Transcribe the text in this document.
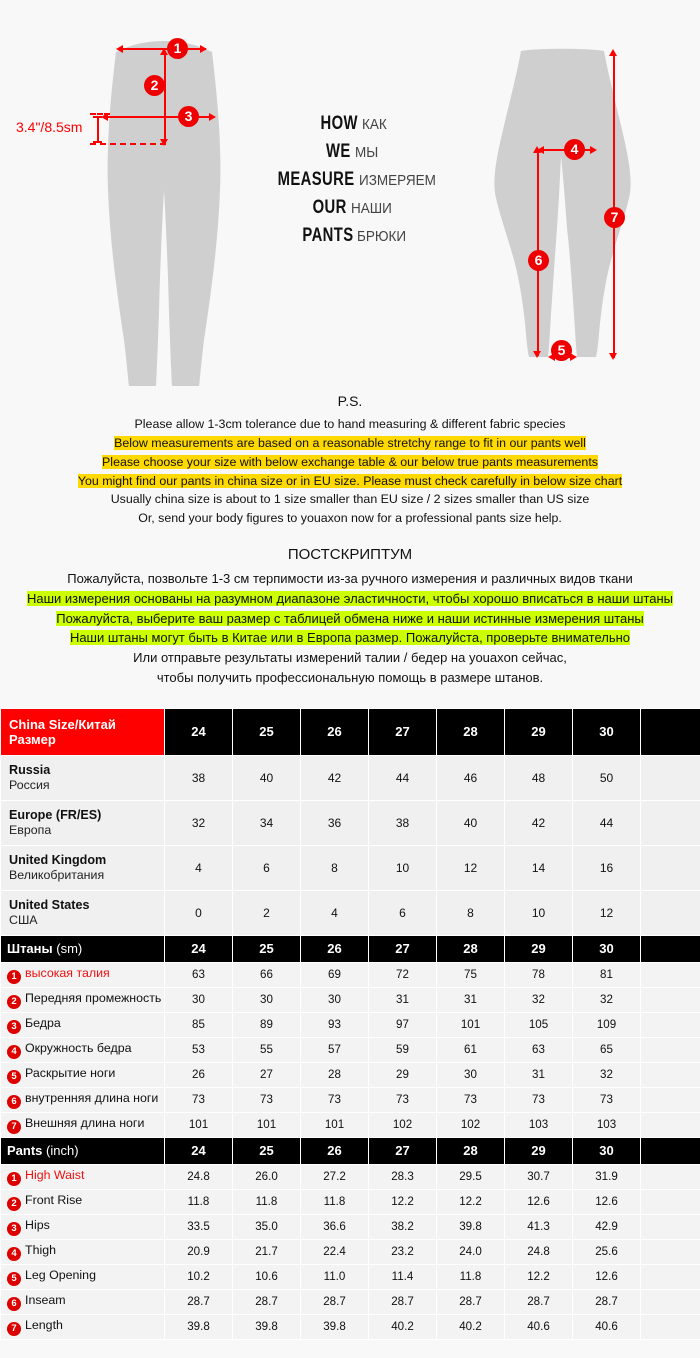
1
2
3
3.4"/8.5sm
4
6
5
7
HOW КАК
WE МЫ
MEASURE ИЗМЕРЯЕМ
OUR НАШИ
PANTS БРЮКИ
P.S.
Please allow 1-3cm tolerance due to hand measuring & different fabric species
Below measurements are based on a reasonable stretchy range to fit in our pants well
Please choose your size with below exchange table & our below true pants measurements
You might find our pants in china size or in EU size. Please must check carefully in below size chart
Usually china size is about to 1 size smaller than EU size / 2 sizes smaller than US size
Or, send your body figures to youaxon now for a professional pants size help.
ПОСТСКРИПТУМ
Пожалуйста, позвольте 1-3 см терпимости из-за ручного измерения и различных видов ткани
Наши измерения основаны на разумном диапазоне эластичности, чтобы хорошо вписаться в наши штаны
Пожалуйста, выберите ваш размер с таблицей обмена ниже и наши истинные измерения штаны
Наши штаны могут быть в Китае или в Европа размер. Пожалуйста, проверьте внимательно
Или отправьте результаты измерений талии / бедер на youaxon сейчас,
чтобы получить профессиональную помощь в размере штанов.
China Size/Китай Размер	24	25	26	27	28	29	30	

Russia
Россия	38	40	42	44	46	48	50	

Europe (FR/ES)
Европа	32	34	36	38	40	42	44	

United Kingdom
Великобритания	4	6	8	10	12	14	16	

United States
США	0	2	4	6	8	10	12	
Штаны (sm)	24	25	26	27	28	29	30	
1 высокая талия	63	66	69	72	75	78	81	
2 Передняя промежность	30	30	30	31	31	32	32	
3 Бедра	85	89	93	97	101	105	109	
4 Окружность бедра	53	55	57	59	61	63	65	
5 Раскрытие ноги	26	27	28	29	30	31	32	
6 внутренняя длина ноги	73	73	73	73	73	73	73	
7 Внешняя длина ноги	101	101	101	102	102	103	103	
Pants (inch)	24	25	26	27	28	29	30	
1 High Waist	24.8	26.0	27.2	28.3	29.5	30.7	31.9	
2 Front Rise	11.8	11.8	11.8	12.2	12.2	12.6	12.6	
3 Hips	33.5	35.0	36.6	38.2	39.8	41.3	42.9	
4 Thigh	20.9	21.7	22.4	23.2	24.0	24.8	25.6	
5 Leg Opening	10.2	10.6	11.0	11.4	11.8	12.2	12.6	
6 Inseam	28.7	28.7	28.7	28.7	28.7	28.7	28.7	
7 Length	39.8	39.8	39.8	40.2	40.2	40.6	40.6	
